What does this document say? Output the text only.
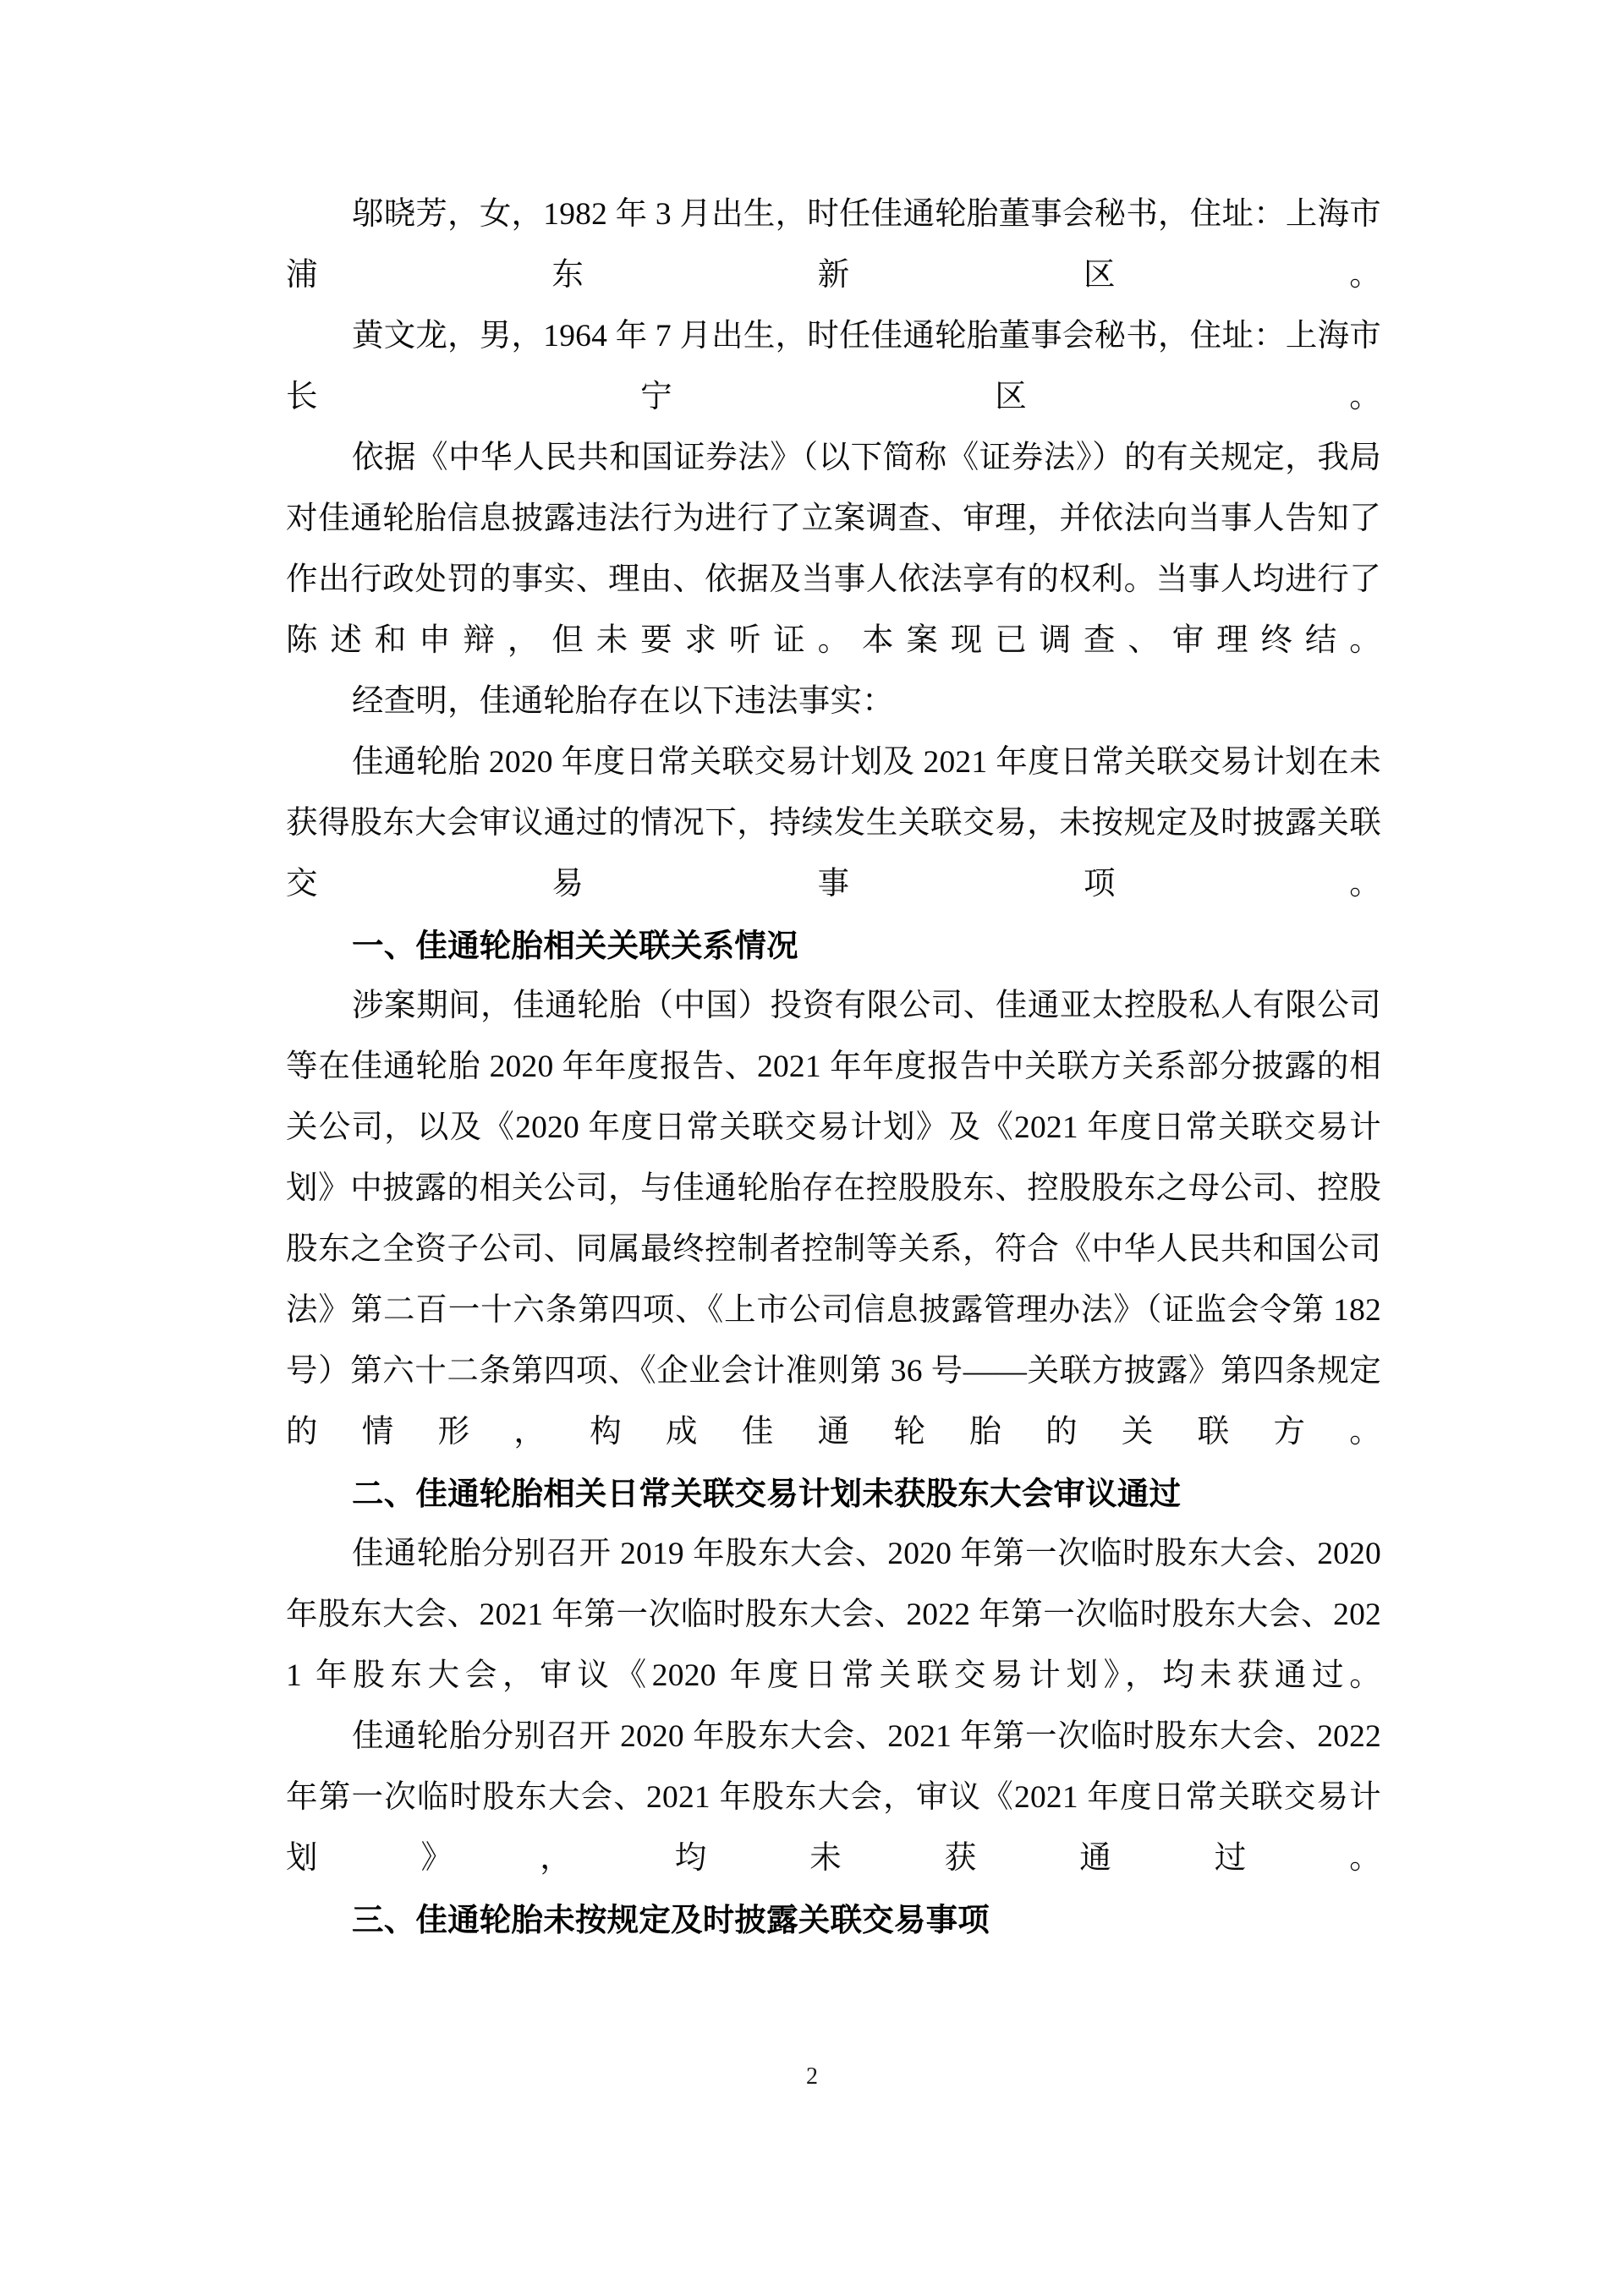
邬晓芳，女，1982 年 3 月出生，时任佳通轮胎董事会秘书，住址：上海市浦东新区。

黄文龙，男，1964 年 7 月出生，时任佳通轮胎董事会秘书，住址：上海市长宁区。

依据《中华人民共和国证券法》（以下简称《证券法》）的有关规定，我局对佳通轮胎信息披露违法行为进行了立案调查、审理，并依法向当事人告知了作出行政处罚的事实、理由、依据及当事人依法享有的权利。当事人均进行了陈述和申辩，但未要求听证。本案现已调查、审理终结。

经查明，佳通轮胎存在以下违法事实：

佳通轮胎 2020 年度日常关联交易计划及 2021 年度日常关联交易计划在未获得股东大会审议通过的情况下，持续发生关联交易，未按规定及时披露关联交易事项。

一、佳通轮胎相关关联关系情况

涉案期间，佳通轮胎（中国）投资有限公司、佳通亚太控股私人有限公司等在佳通轮胎 2020 年年度报告、2021 年年度报告中关联方关系部分披露的相关公司，以及《2020 年度日常关联交易计划》及《2021 年度日常关联交易计划》中披露的相关公司，与佳通轮胎存在控股股东、控股股东之母公司、控股股东之全资子公司、同属最终控制者控制等关系，符合《中华人民共和国公司法》第二百一十六条第四项、《上市公司信息披露管理办法》（证监会令第 182 号）第六十二条第四项、《企业会计准则第 36 号——关联方披露》第四条规定的情形，构成佳通轮胎的关联方。

二、佳通轮胎相关日常关联交易计划未获股东大会审议通过

佳通轮胎分别召开 2019 年股东大会、2020 年第一次临时股东大会、2020 年股东大会、2021 年第一次临时股东大会、2022 年第一次临时股东大会、2021 年股东大会，审议《2020 年度日常关联交易计划》，均未获通过。

佳通轮胎分别召开 2020 年股东大会、2021 年第一次临时股东大会、2022 年第一次临时股东大会、2021 年股东大会，审议《2021 年度日常关联交易计划》，均未获通过。

三、佳通轮胎未按规定及时披露关联交易事项
2
